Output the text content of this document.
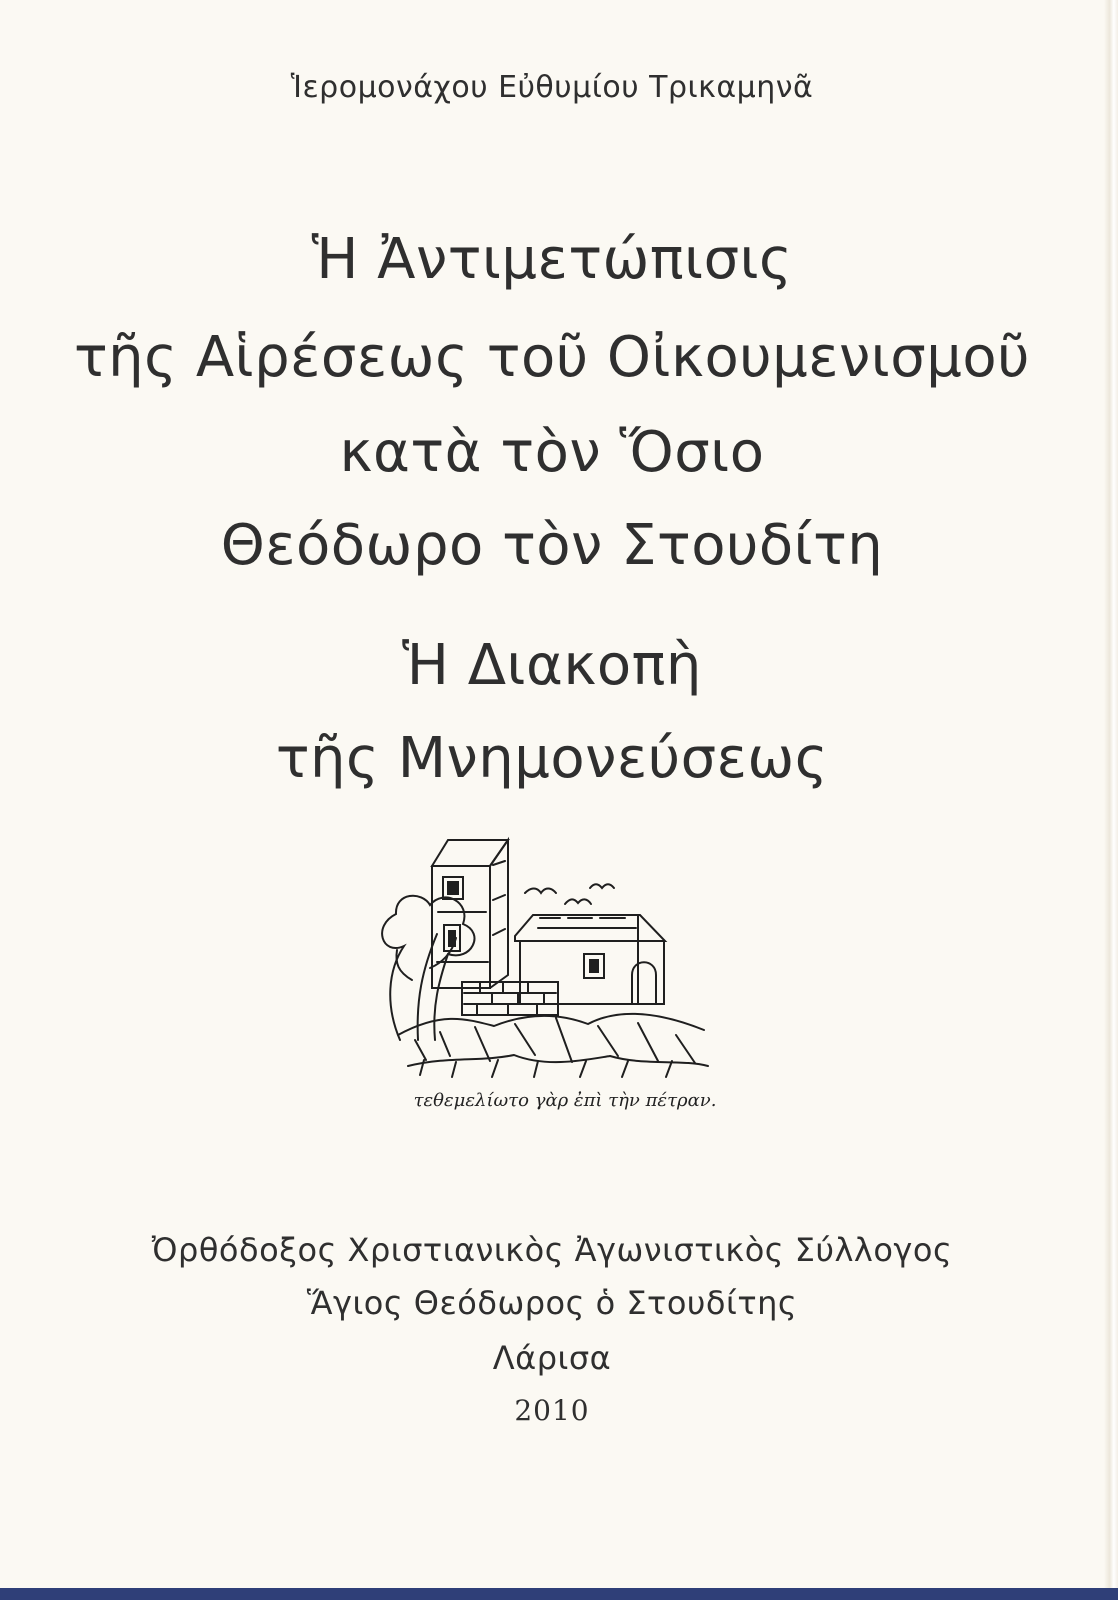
Ἱερομονάχου Εὐθυμίου Τρικαμηνᾶ
Ἡ Ἀντιμετώπισις
τῆς Αἱρέσεως τοῦ Οἰκουμενισμοῦ
κατὰ τὸν Ὅσιο
Θεόδωρο τὸν Στουδίτη
Ἡ Διακοπὴ
τῆς Μνημονεύσεως
τεθεμελίωτο γὰρ ἐπὶ τὴν πέτραν.
Ὀρθόδοξος Χριστιανικὸς Ἀγωνιστικὸς Σύλλογος
Ἅγιος Θεόδωρος ὁ Στουδίτης
Λάρισα
2010
